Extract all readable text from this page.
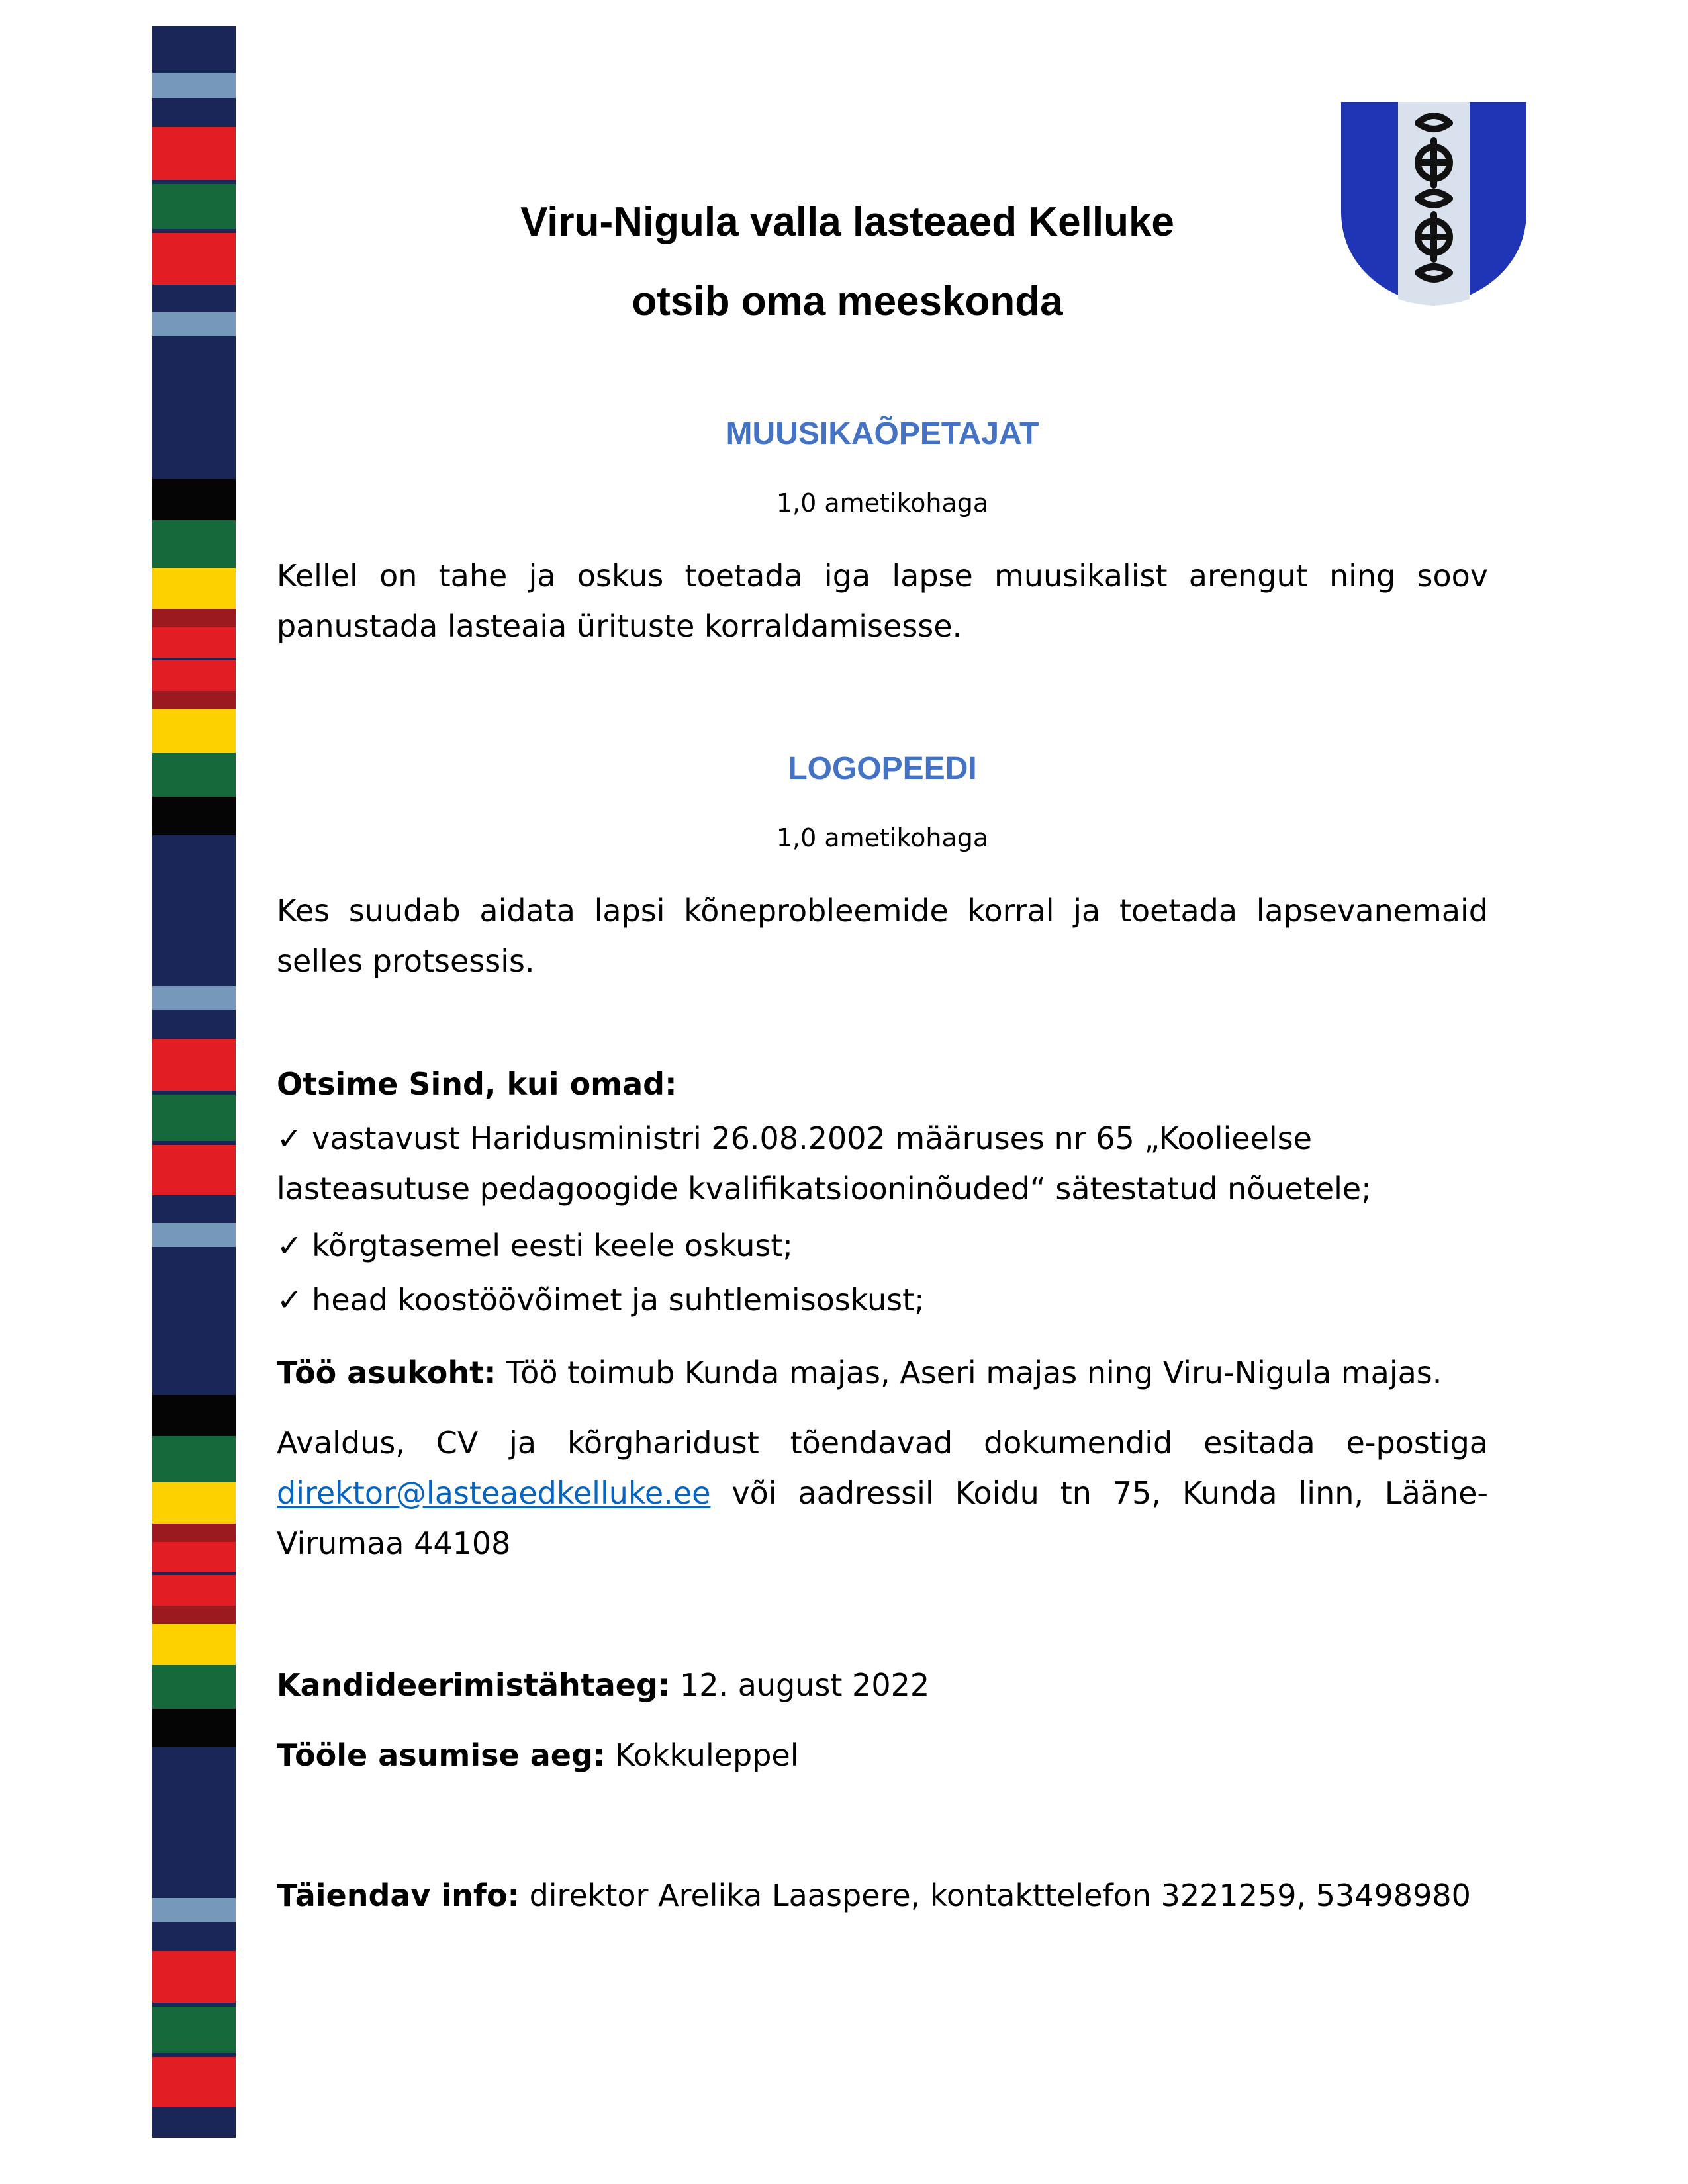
Viru-Nigula valla lasteaed Kelluke
otsib oma meeskonda
MUUSIKAÕPETAJAT
1,0 ametikohaga

Kellel on tahe ja oskus toetada iga lapse muusikalist arengut ning soov panustada lasteaia ürituste korraldamisesse.

LOGOPEEDI
1,0 ametikohaga

Kes suudab aidata lapsi kõneprobleemide korral ja toetada lapsevanemaid selles protsessis.

Otsime Sind, kui omad:

✓ vastavust Haridusministri 26.08.2002 määruses nr 65 „Koolieelse lasteasutuse pedagoogide kvalifikatsiooninõuded“ sätestatud nõuetele;

✓ kõrgtasemel eesti keele oskust;
✓ head koostöövõimet ja suhtlemisoskust;
Töö asukoht: Töö toimub Kunda majas, Aseri majas ning Viru-Nigula majas.

Avaldus, CV ja kõrgharidust tõendavad dokumendid esitada e-postiga direktor@lasteaedkelluke.ee või aadressil Koidu tn 75, Kunda linn, Lääne-Virumaa 44108

Kandideerimistähtaeg: 12. august 2022
Tööle asumise aeg: Kokkuleppel
Täiendav info: direktor Arelika Laaspere, kontakttelefon 3221259, 53498980
